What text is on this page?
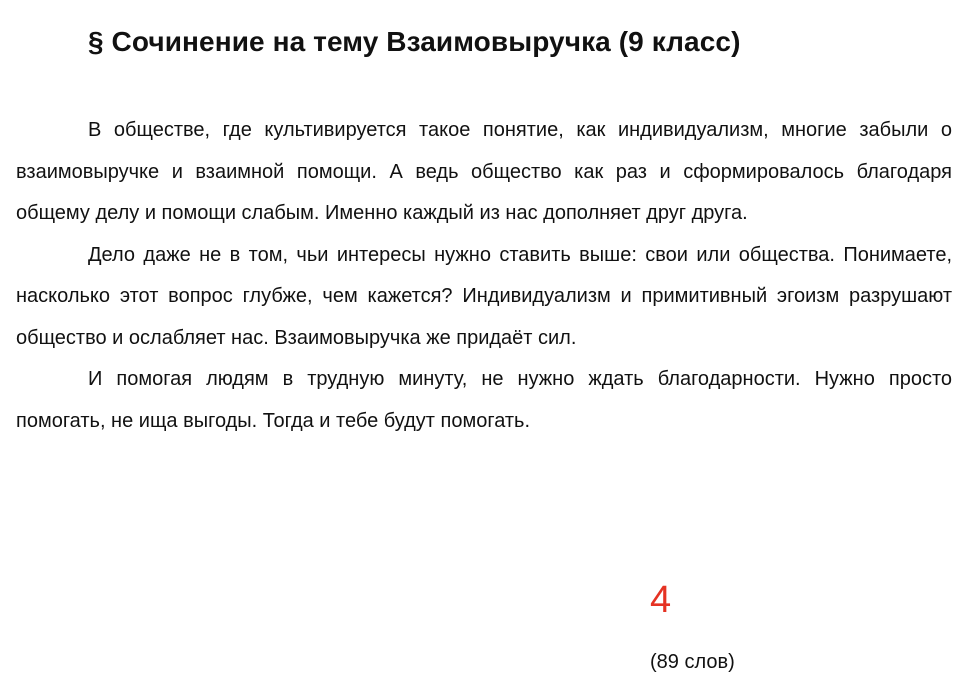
§ Сочинение на тему Взаимовыручка (9 класс)

В обществе, где культивируется такое понятие, как индивидуализм, многие забыли о взаимовыручке и взаимной помощи. А ведь общество как раз и сформировалось благодаря общему делу и помощи слабым. Именно каждый из нас дополняет друг друга.

Дело даже не в том, чьи интересы нужно ставить выше: свои или общества. Понимаете, насколько этот вопрос глубже, чем кажется? Индивидуализм и примитивный эгоизм разрушают общество и ослабляет нас. Взаимовыручка же придаёт сил.

И помогая людям в трудную минуту, не нужно ждать благодарности. Нужно просто помогать, не ища выгоды. Тогда и тебе будут помогать.

4
(89 слов)
